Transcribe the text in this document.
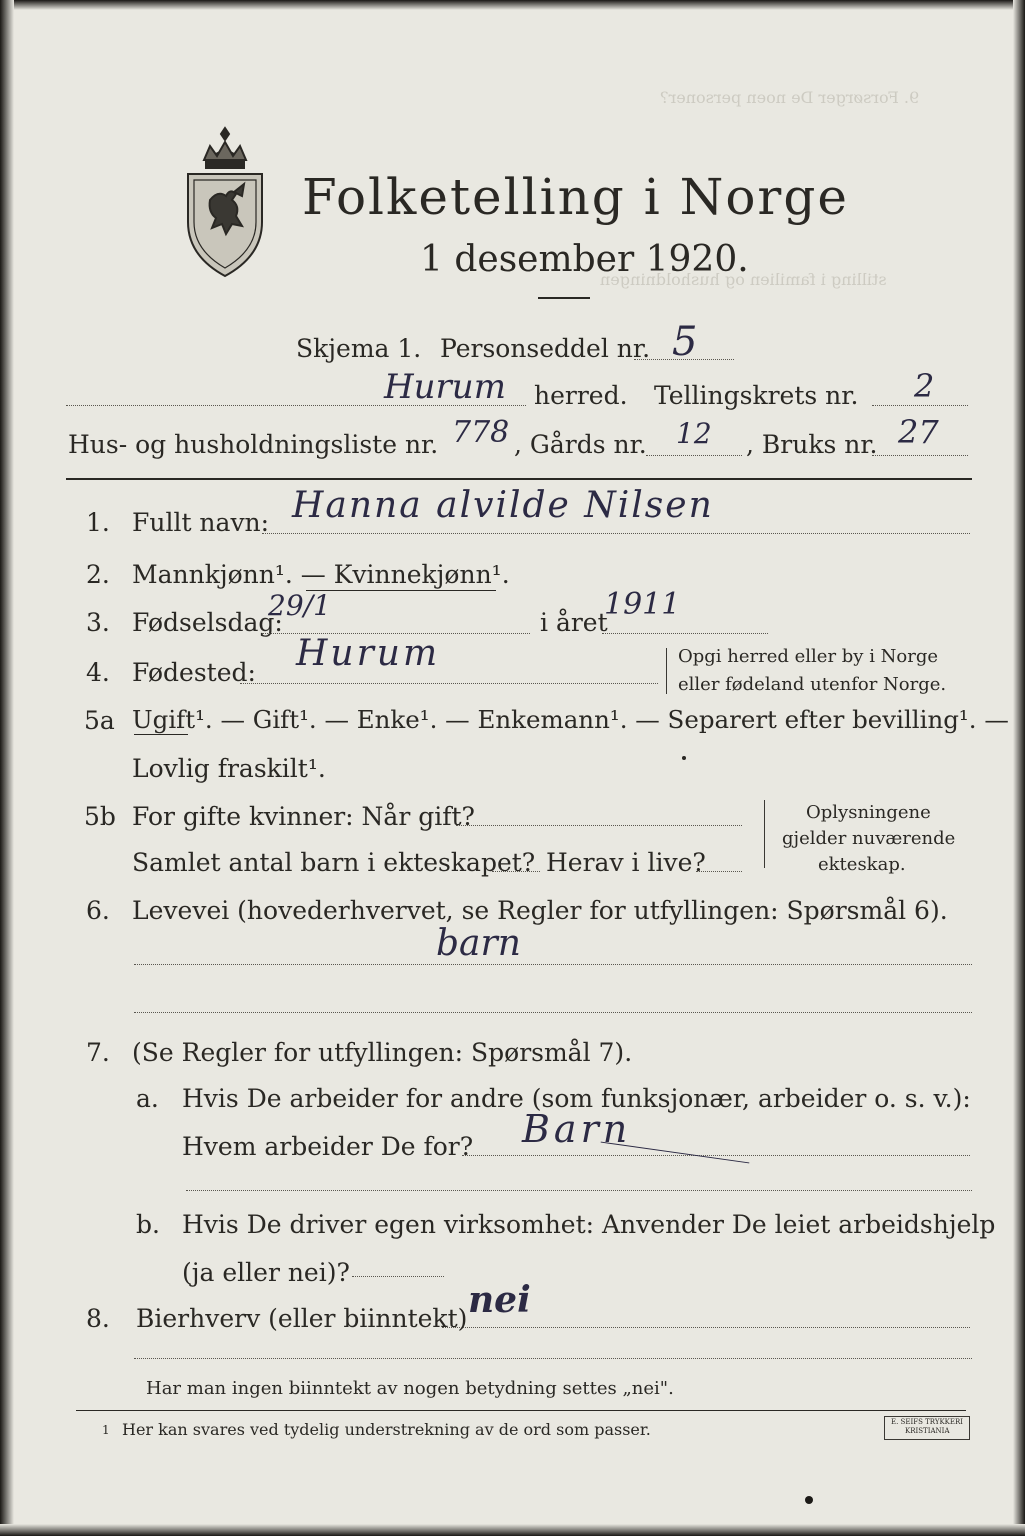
9. Forsørger De noen personer?
stilling i familien og husholdningen
Folketelling i Norge
1 desember 1920.
Skjema 1. Personseddel nr. 5
Hurum herred. Tellingskrets nr. 2
Hus- og husholdningsliste nr. 778 , Gårds nr. 12 , Bruks nr. 27
1. Fullt navn: Hanna alvilde Nilsen
2. Mannkjønn¹. — Kvinnekjønn¹.
3. Fødselsdag:
29/1
i året
1911
4. Fødested: Hurum	Opgi herred eller by i Norge
eller fødeland utenfor Norge.
5a Ugift¹. — Gift¹. — Enke¹. — Enkemann¹. — Separert efter bevilling¹. —
Lovlig fraskilt¹.
5b For gifte kvinner: Når gift?
Samlet antal barn i ekteskapet? Herav i live?
Oplysningene
gjelder nuværende
ekteskap.
6. Levevei (hovederhvervet, se Regler for utfyllingen: Spørsmål 6).
barn
7. (Se Regler for utfyllingen: Spørsmål 7).
a. Hvis De arbeider for andre (som funksjonær, arbeider o. s. v.):
Hvem arbeider De for? Barn
b. Hvis De driver egen virksomhet: Anvender De leiet arbeidshjelp
(ja eller nei)?
8. Bierhverv (eller biinntekt) nei
Har man ingen biinntekt av nogen betydning settes „nei".
1 Her kan svares ved tydelig understrekning av de ord som passer.	E. SEIFS TRYKKERI
KRISTIANIA
